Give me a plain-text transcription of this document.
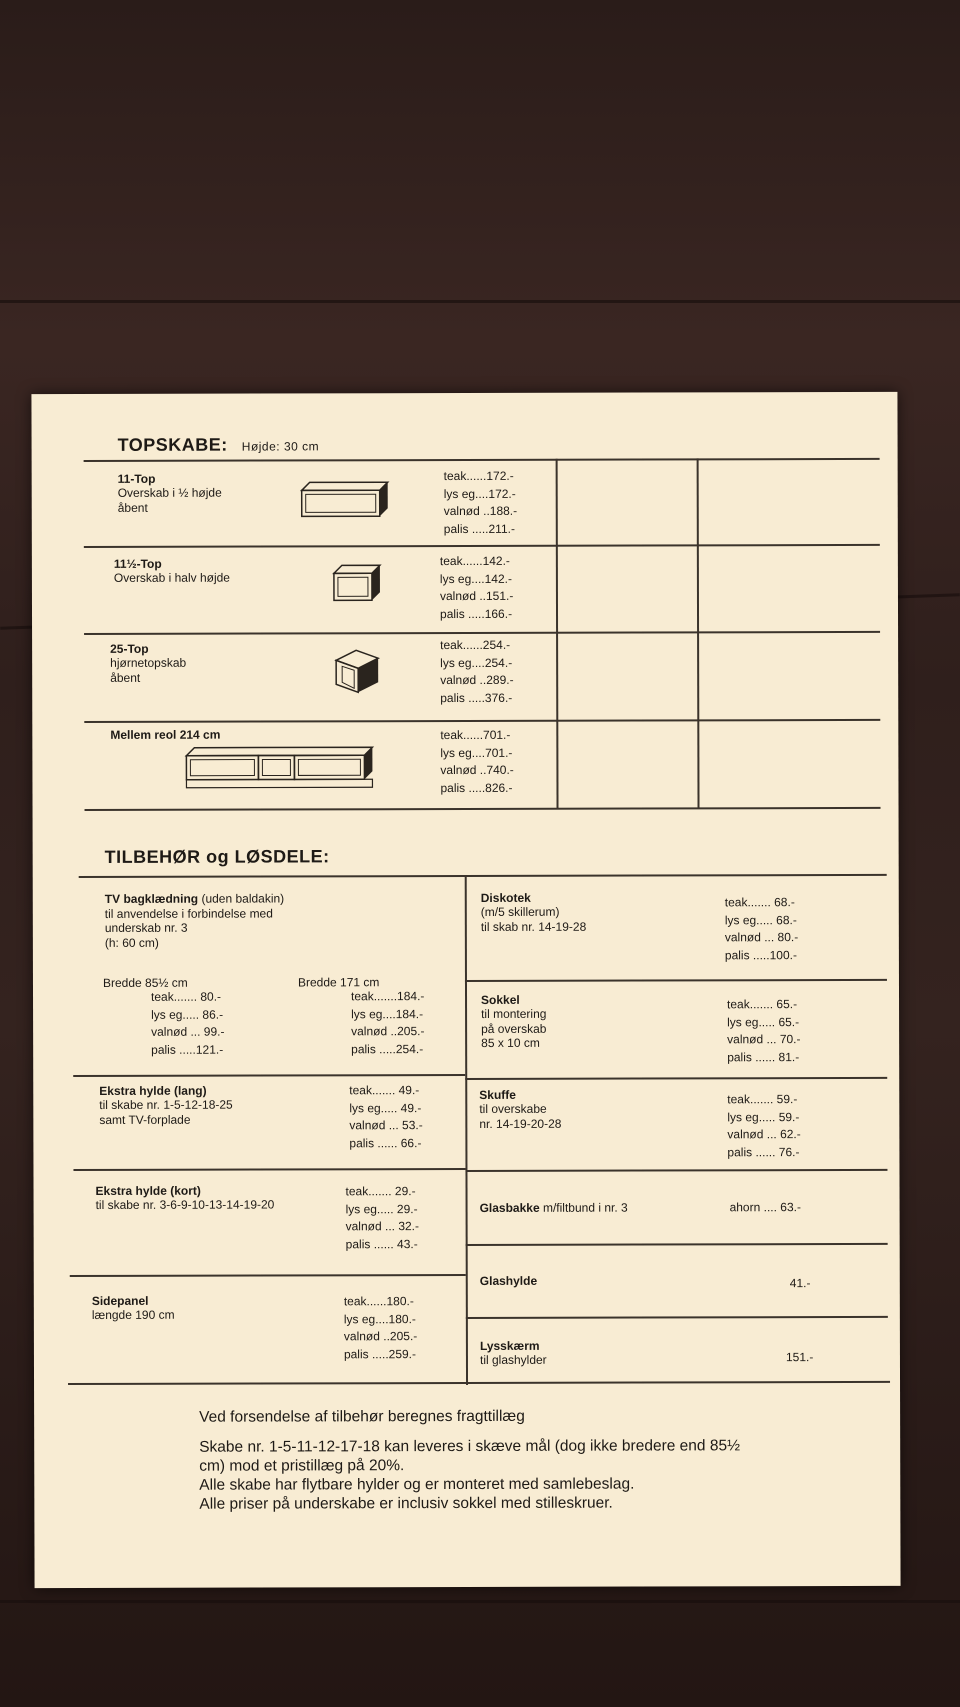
TOPSKABE: Højde: 30 cm
11-Top
Overskab i ½ højde
åbent
teak......172.-
lys eg....172.-
valnød ..188.-
palis .....211.-
11½-Top
Overskab i halv højde
teak......142.-
lys eg....142.-
valnød ..151.-
palis .....166.-
25-Top
hjørnetopskab
åbent
teak......254.-
lys eg....254.-
valnød ..289.-
palis .....376.-
Mellem reol 214 cm	teak......701.-
lys eg....701.-
valnød ..740.-
palis .....826.-
TILBEHØR og LØSDELE:
TV bagklædning (uden baldakin)
til anvendelse i forbindelse med
underskab nr. 3
(h: 60 cm)
Bredde 85½ cm
teak....... 80.-
lys eg..... 86.-
valnød ... 99.-
palis .....121.-
Bredde 171 cm
teak.......184.-
lys eg....184.-
valnød ..205.-
palis .....254.-
Ekstra hylde (lang)
til skabe nr. 1-5-12-18-25
samt TV-forplade
teak....... 49.-
lys eg..... 49.-
valnød ... 53.-
palis ...... 66.-
Ekstra hylde (kort)
til skabe nr. 3-6-9-10-13-14-19-20
teak....... 29.-
lys eg..... 29.-
valnød ... 32.-
palis ...... 43.-
Sidepanel
længde 190 cm
teak......180.-
lys eg....180.-
valnød ..205.-
palis .....259.-
Diskotek
(m/5 skillerum)
til skab nr. 14-19-28
teak....... 68.-
lys eg..... 68.-
valnød ... 80.-
palis .....100.-
Sokkel
til montering
på overskab
85 x 10 cm
teak....... 65.-
lys eg..... 65.-
valnød ... 70.-
palis ...... 81.-
Skuffe
til overskabe
nr. 14-19-20-28
teak....... 59.-
lys eg..... 59.-
valnød ... 62.-
palis ...... 76.-
Glasbakke m/filtbund i nr. 3	ahorn .... 63.-
Glashylde	41.-
Lysskærm
til glashylder	151.-
Ved forsendelse af tilbehør beregnes fragttillæg
Skabe nr. 1-5-11-12-17-18 kan leveres i skæve mål (dog ikke bredere end 85½
cm) mod et pristillæg på 20%.
Alle skabe har flytbare hylder og er monteret med samlebeslag.
Alle priser på underskabe er inclusiv sokkel med stilleskruer.
